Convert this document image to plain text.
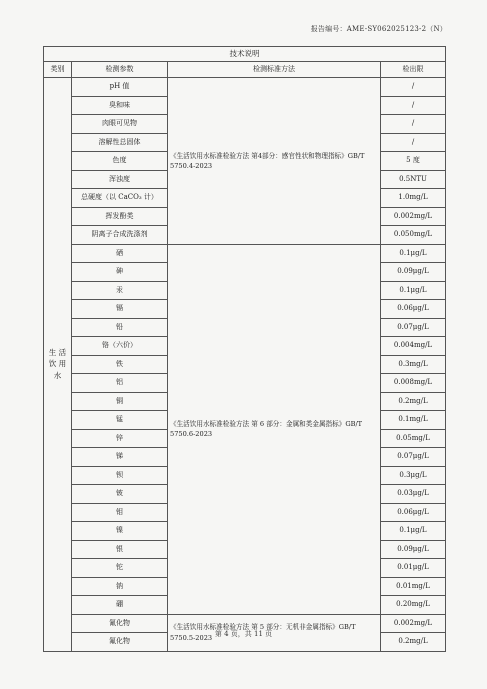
报告编号：AME-SY062025123-2（N）
技术说明			
类别	检测参数	检测标准方法	检出限
生 活 饮 用 水	pH 值	《生活饮用水标准检验方法 第4部分：感官性状和物理指标》GB/T 5750.4-2023	/
	臭和味		/
	肉眼可见物		/
	溶解性总固体		/
	色度		5 度
	浑浊度		0.5NTU
	总硬度（以 CaCO₃ 计）		1.0mg/L
	挥发酚类		0.002mg/L
	阴离子合成洗涤剂		0.050mg/L
	硒	《生活饮用水标准检验方法 第 6 部分：金属和类金属指标》GB/T 5750.6-2023	0.1μg/L
	砷		0.09μg/L
	汞		0.1μg/L
	镉		0.06μg/L
	铅		0.07μg/L
	铬（六价）		0.004mg/L
	铁		0.3mg/L
	铝		0.008mg/L
	铜		0.2mg/L
	锰		0.1mg/L
	锌		0.05mg/L
	锑		0.07μg/L
	钡		0.3μg/L
	铍		0.03μg/L
	钼		0.06μg/L
	镍		0.1μg/L
	银		0.09μg/L
	铊		0.01μg/L
	钠		0.01mg/L
	硼		0.20mg/L
	氰化物	《生活饮用水标准检验方法 第 5 部分：无机非金属指标》GB/T 5750.5-2023	0.002mg/L
	氟化物		0.2mg/L
第 4 页，共 11 页
